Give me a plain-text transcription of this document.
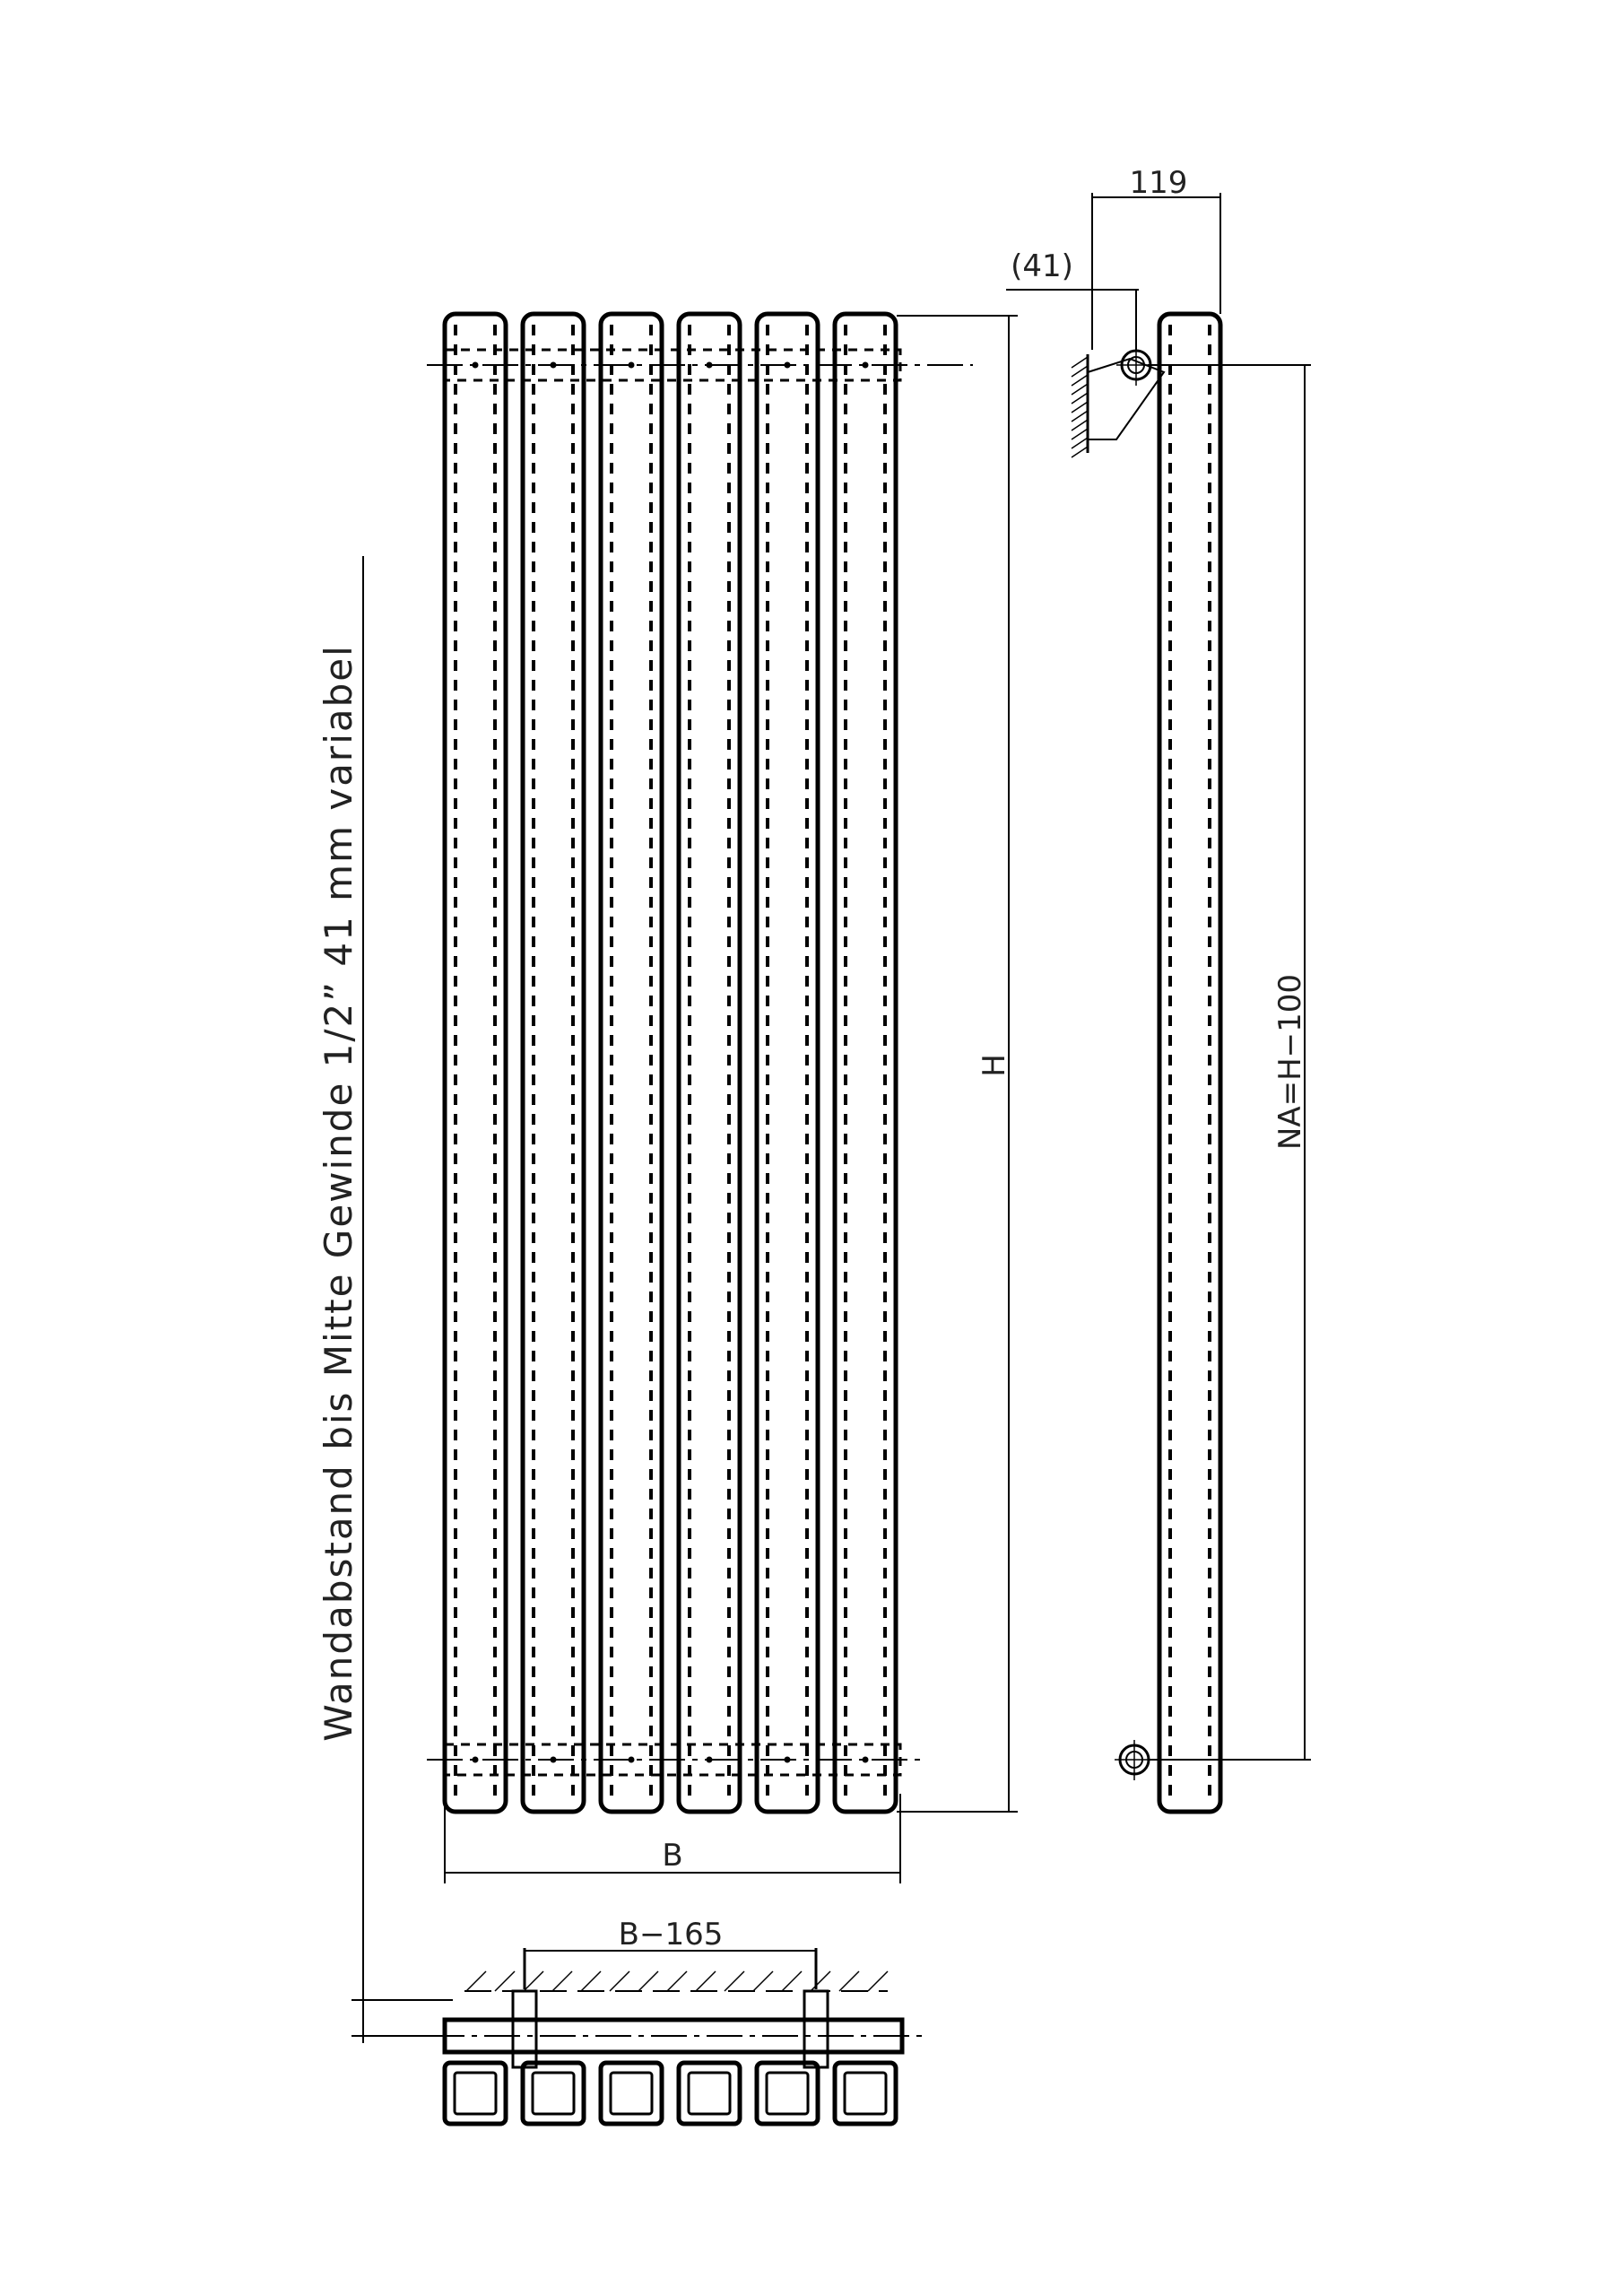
H
B
119
(41)
NA=H−100
B−165
Wandabstand bis Mitte Gewinde 1/2” 41 mm variabel
